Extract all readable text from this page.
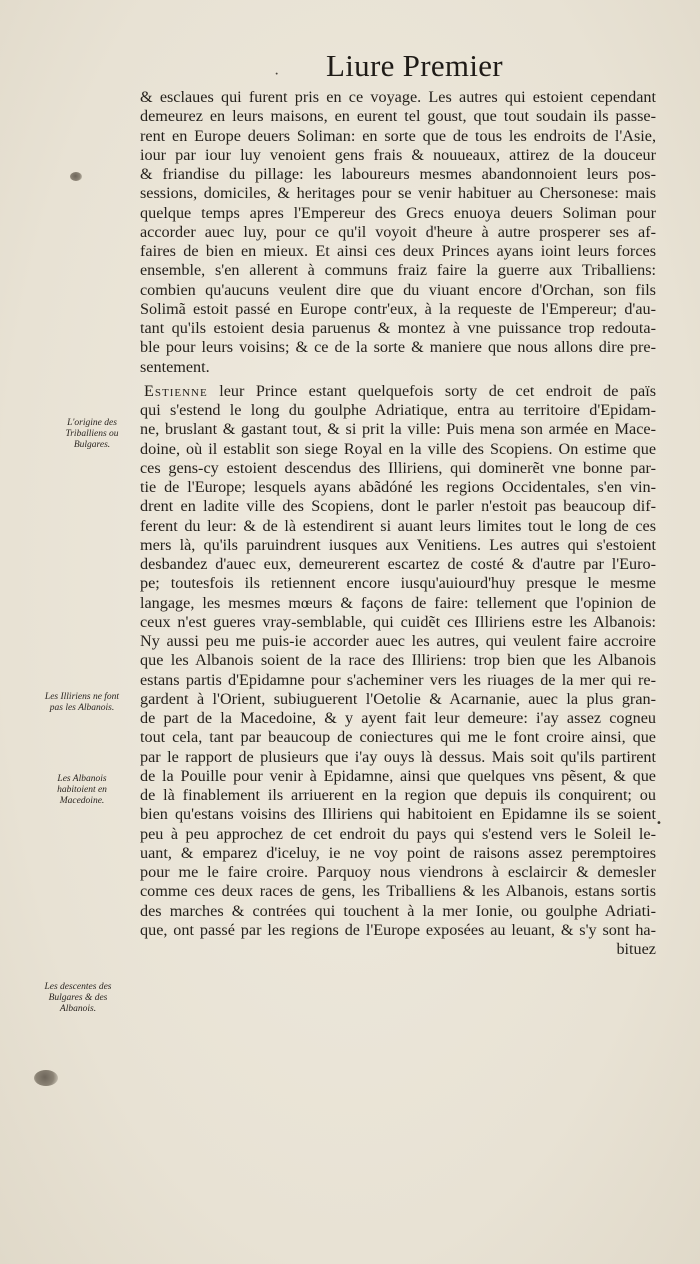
· Liure Premier
L'origine des Triballiens ou Bulgares.
Les Illiriens ne font pas les Albanois.
Les Albanois habitoient en Macedoine.
Les descentes des Bulgares & des Albanois.
•
& esclaues qui furent pris en ce voyage. Les autres qui estoient cependant
demeurez en leurs maisons, en eurent tel goust, que tout soudain ils passe-
rent en Europe deuers Soliman: en sorte que de tous les endroits de l'Asie,
iour par iour luy venoient gens frais & nouueaux, attirez de la douceur
& friandise du pillage: les laboureurs mesmes abandonnoient leurs pos-
sessions, domiciles, & heritages pour se venir habituer au Chersonese: mais
quelque temps apres l'Empereur des Grecs enuoya deuers Soliman pour
accorder auec luy, pour ce qu'il voyoit d'heure à autre prosperer ses af-
faires de bien en mieux. Et ainsi ces deux Princes ayans ioint leurs forces
ensemble, s'en allerent à communs fraiz faire la guerre aux Triballiens:
combien qu'aucuns veulent dire que du viuant encore d'Orchan, son fils
Solimã estoit passé en Europe contr'eux, à la requeste de l'Empereur; d'au-
tant qu'ils estoient desia paruenus & montez à vne puissance trop redouta-
ble pour leurs voisins; & ce de la sorte & maniere que nous allons dire pre-
sentement.
Estienne leur Prince estant quelquefois sorty de cet endroit de païs
qui s'estend le long du goulphe Adriatique, entra au territoire d'Epidam-
ne, bruslant & gastant tout, & si prit la ville: Puis mena son armée en Mace-
doine, où il establit son siege Royal en la ville des Scopiens. On estime que
ces gens-cy estoient descendus des Illiriens, qui dominerẽt vne bonne par-
tie de l'Europe; lesquels ayans abãdóné les regions Occidentales, s'en vin-
drent en ladite ville des Scopiens, dont le parler n'estoit pas beaucoup dif-
ferent du leur: & de là estendirent si auant leurs limites tout le long de ces
mers là, qu'ils paruindrent iusques aux Venitiens. Les autres qui s'estoient
desbandez d'auec eux, demeurerent escartez de costé & d'autre par l'Euro-
pe; toutesfois ils retiennent encore iusqu'auiourd'huy presque le mesme
langage, les mesmes mœurs & façons de faire: tellement que l'opinion de
ceux n'est gueres vray-semblable, qui cuidẽt ces Illiriens estre les Albanois:
Ny aussi peu me puis-ie accorder auec les autres, qui veulent faire accroire
que les Albanois soient de la race des Illiriens: trop bien que les Albanois
estans partis d'Epidamne pour s'acheminer vers les riuages de la mer qui re-
gardent à l'Orient, subiuguerent l'Oetolie & Acarnanie, auec la plus gran-
de part de la Macedoine, & y ayent fait leur demeure: i'ay assez cogneu
tout cela, tant par beaucoup de coniectures qui me le font croire ainsi, que
par le rapport de plusieurs que i'ay ouys là dessus. Mais soit qu'ils partirent
de la Pouille pour venir à Epidamne, ainsi que quelques vns pẽsent, & que
de là finablement ils arriuerent en la region que depuis ils conquirent; ou
bien qu'estans voisins des Illiriens qui habitoient en Epidamne ils se soient
peu à peu approchez de cet endroit du pays qui s'estend vers le Soleil le-
uant, & emparez d'iceluy, ie ne voy point de raisons assez peremptoires
pour me le faire croire. Parquoy nous viendrons à esclaircir & demesler
comme ces deux races de gens, les Triballiens & les Albanois, estans sortis
des marches & contrées qui touchent à la mer Ionie, ou goulphe Adriati-
que, ont passé par les regions de l'Europe exposées au leuant, & s'y sont ha-
bituez
